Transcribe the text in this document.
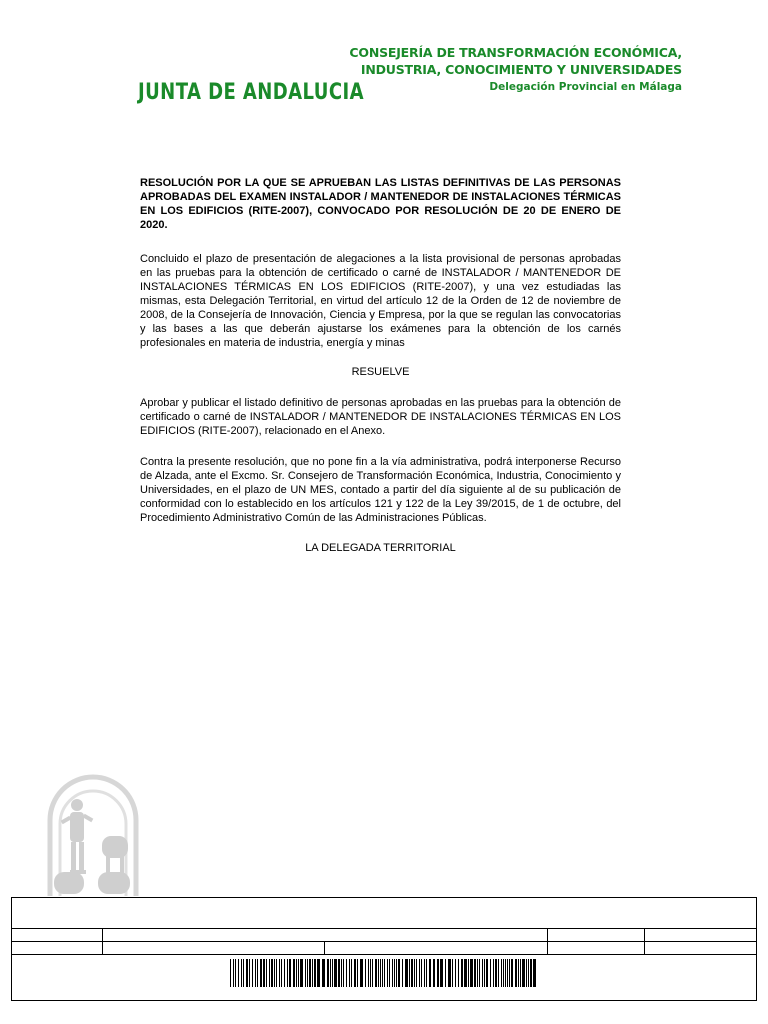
JUNTA DE ANDALUCIA
CONSEJERÍA DE TRANSFORMACIÓN ECONÓMICA,
INDUSTRIA, CONOCIMIENTO Y UNIVERSIDADES
Delegación Provincial en Málaga

RESOLUCIÓN POR LA QUE SE APRUEBAN LAS LISTAS DEFINITIVAS DE LAS PERSONAS APROBADAS DEL EXAMEN INSTALADOR / MANTENEDOR DE INSTALACIONES TÉRMICAS EN LOS EDIFICIOS (RITE-2007), CONVOCADO POR RESOLUCIÓN DE 20 DE ENERO DE 2020.

Concluido el plazo de presentación de alegaciones a la lista provisional de personas aprobadas en las pruebas para la obtención de certificado o carné de INSTALADOR / MANTENEDOR DE INSTALACIONES TÉRMICAS EN LOS EDIFICIOS (RITE-2007), y una vez estudiadas las mismas, esta Delegación Territorial, en virtud del artículo 12 de la Orden de 12 de noviembre de 2008, de la Consejería de Innovación, Ciencia y Empresa, por la que se regulan las convocatorias y las bases a las que deberán ajustarse los exámenes para la obtención de los carnés profesionales en materia de industria, energía y minas

RESUELVE

Aprobar y publicar el listado definitivo de personas aprobadas en las pruebas para la obtención de certificado o carné de INSTALADOR / MANTENEDOR DE INSTALACIONES TÉRMICAS EN LOS EDIFICIOS (RITE-2007), relacionado en el Anexo.

Contra la presente resolución, que no pone fin a la vía administrativa, podrá interponerse Recurso de Alzada, ante el Excmo. Sr. Consejero de Transformación Económica, Industria, Conocimiento y Universidades, en el plazo de UN MES, contado a partir del día siguiente al de su publicación de conformidad con lo establecido en los artículos 121 y 122 de la Ley 39/2015, de 1 de octubre, del Procedimiento Administrativo Común de las Administraciones Públicas.

LA DELEGADA TERRITORIAL
